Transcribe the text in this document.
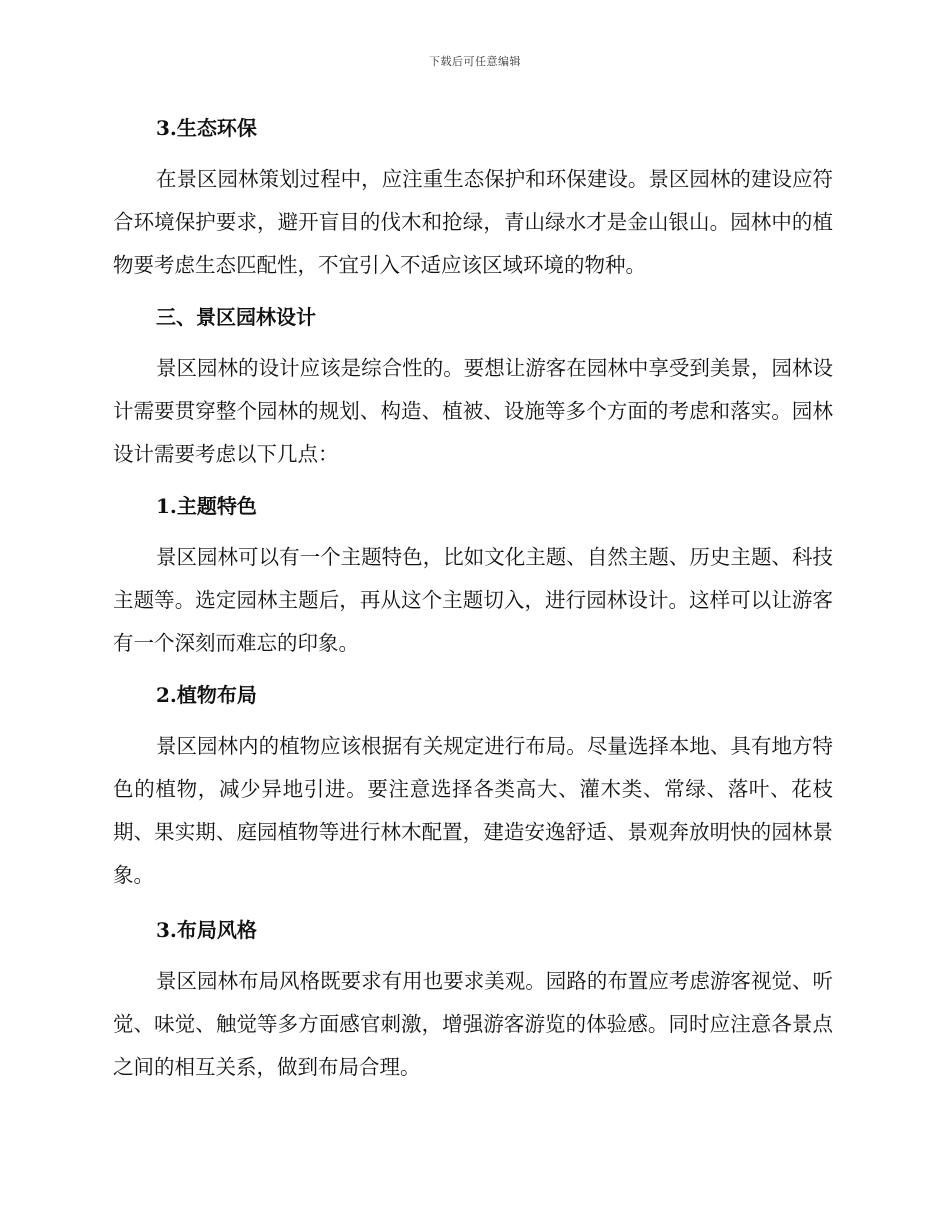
下载后可任意编辑
3.生态环保
在景区园林策划过程中，应注重生态保护和环保建设。景区园林的建设应符合环境保护要求，避开盲目的伐木和抢绿，青山绿水才是金山银山。园林中的植物要考虑生态匹配性，不宜引入不适应该区域环境的物种。
三、景区园林设计
景区园林的设计应该是综合性的。要想让游客在园林中享受到美景，园林设计需要贯穿整个园林的规划、构造、植被、设施等多个方面的考虑和落实。园林设计需要考虑以下几点：
1.主题特色
景区园林可以有一个主题特色，比如文化主题、自然主题、历史主题、科技主题等。选定园林主题后，再从这个主题切入，进行园林设计。这样可以让游客有一个深刻而难忘的印象。
2.植物布局
景区园林内的植物应该根据有关规定进行布局。尽量选择本地、具有地方特色的植物，减少异地引进。要注意选择各类高大、灌木类、常绿、落叶、花枝期、果实期、庭园植物等进行林木配置，建造安逸舒适、景观奔放明快的园林景象。
3.布局风格
景区园林布局风格既要求有用也要求美观。园路的布置应考虑游客视觉、听觉、味觉、触觉等多方面感官刺激，增强游客游览的体验感。同时应注意各景点之间的相互关系，做到布局合理。
